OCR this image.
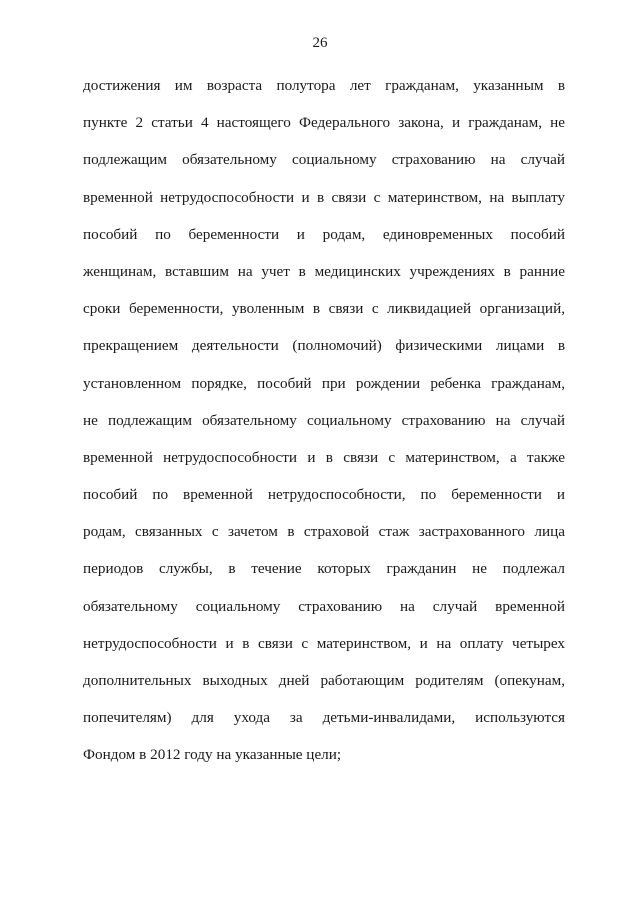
26
достижения им возраста полутора лет гражданам, указанным в
пункте 2 статьи 4 настоящего Федерального закона, и гражданам, не
подлежащим обязательному социальному страхованию на случай
временной нетрудоспособности и в связи с материнством, на выплату
пособий по беременности и родам, единовременных пособий
женщинам, вставшим на учет в медицинских учреждениях в ранние
сроки беременности, уволенным в связи с ликвидацией организаций,
прекращением деятельности (полномочий) физическими лицами в
установленном порядке, пособий при рождении ребенка гражданам,
не подлежащим обязательному социальному страхованию на случай
временной нетрудоспособности и в связи с материнством, а также
пособий по временной нетрудоспособности, по беременности и
родам, связанных с зачетом в страховой стаж застрахованного лица
периодов службы, в течение которых гражданин не подлежал
обязательному социальному страхованию на случай временной
нетрудоспособности и в связи с материнством, и на оплату четырех
дополнительных выходных дней работающим родителям (опекунам,
попечителям) для ухода за детьми-инвалидами, используются
Фондом в 2012 году на указанные цели;
